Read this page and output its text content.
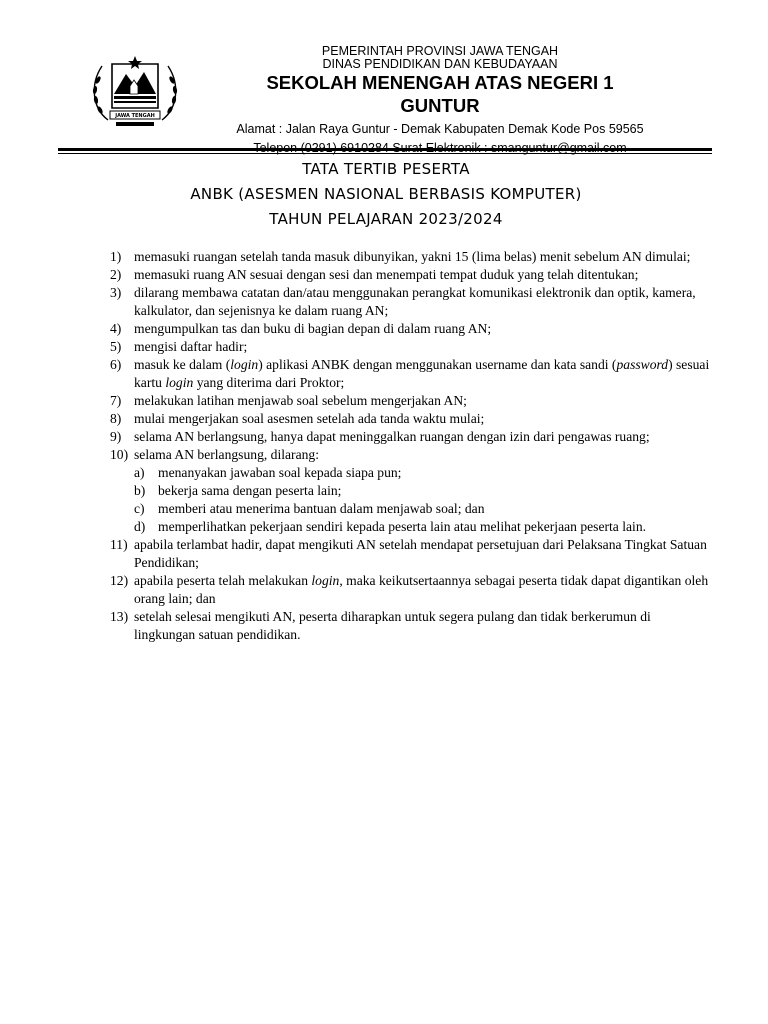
JAWA TENGAH
PEMERINTAH PROVINSI JAWA TENGAH
DINAS PENDIDIKAN DAN KEBUDAYAAN
SEKOLAH MENENGAH ATAS NEGERI 1
GUNTUR
Alamat : Jalan Raya Guntur - Demak Kabupaten Demak Kode Pos 59565
TATA TERTIB PESERTA
ANBK (ASESMEN NASIONAL BERBASIS KOMPUTER)
TAHUN PELAJARAN 2023/2024
1) memasuki ruangan setelah tanda masuk dibunyikan, yakni 15 (lima belas) menit sebelum AN dimulai;
2) memasuki ruang AN sesuai dengan sesi dan menempati tempat duduk yang telah ditentukan;
3) dilarang membawa catatan dan/atau menggunakan perangkat komunikasi elektronik dan optik, kamera, kalkulator, dan sejenisnya ke dalam ruang AN;
4) mengumpulkan tas dan buku di bagian depan di dalam ruang AN;
5) mengisi daftar hadir;
6) masuk ke dalam (login) aplikasi ANBK dengan menggunakan username dan kata sandi (password) sesuai kartu login yang diterima dari Proktor;
7) melakukan latihan menjawab soal sebelum mengerjakan AN;
8) mulai mengerjakan soal asesmen setelah ada tanda waktu mulai;
9) selama AN berlangsung, hanya dapat meninggalkan ruangan dengan izin dari pengawas ruang;
10) selama AN berlangsung, dilarang:
a) menanyakan jawaban soal kepada siapa pun;
b) bekerja sama dengan peserta lain;
c) memberi atau menerima bantuan dalam menjawab soal; dan
d) memperlihatkan pekerjaan sendiri kepada peserta lain atau melihat pekerjaan peserta lain.
11) apabila terlambat hadir, dapat mengikuti AN setelah mendapat persetujuan dari Pelaksana Tingkat Satuan Pendidikan;
12) apabila peserta telah melakukan login, maka keikutsertaannya sebagai peserta tidak dapat digantikan oleh orang lain; dan
13) setelah selesai mengikuti AN, peserta diharapkan untuk segera pulang dan tidak berkerumun di lingkungan satuan pendidikan.
